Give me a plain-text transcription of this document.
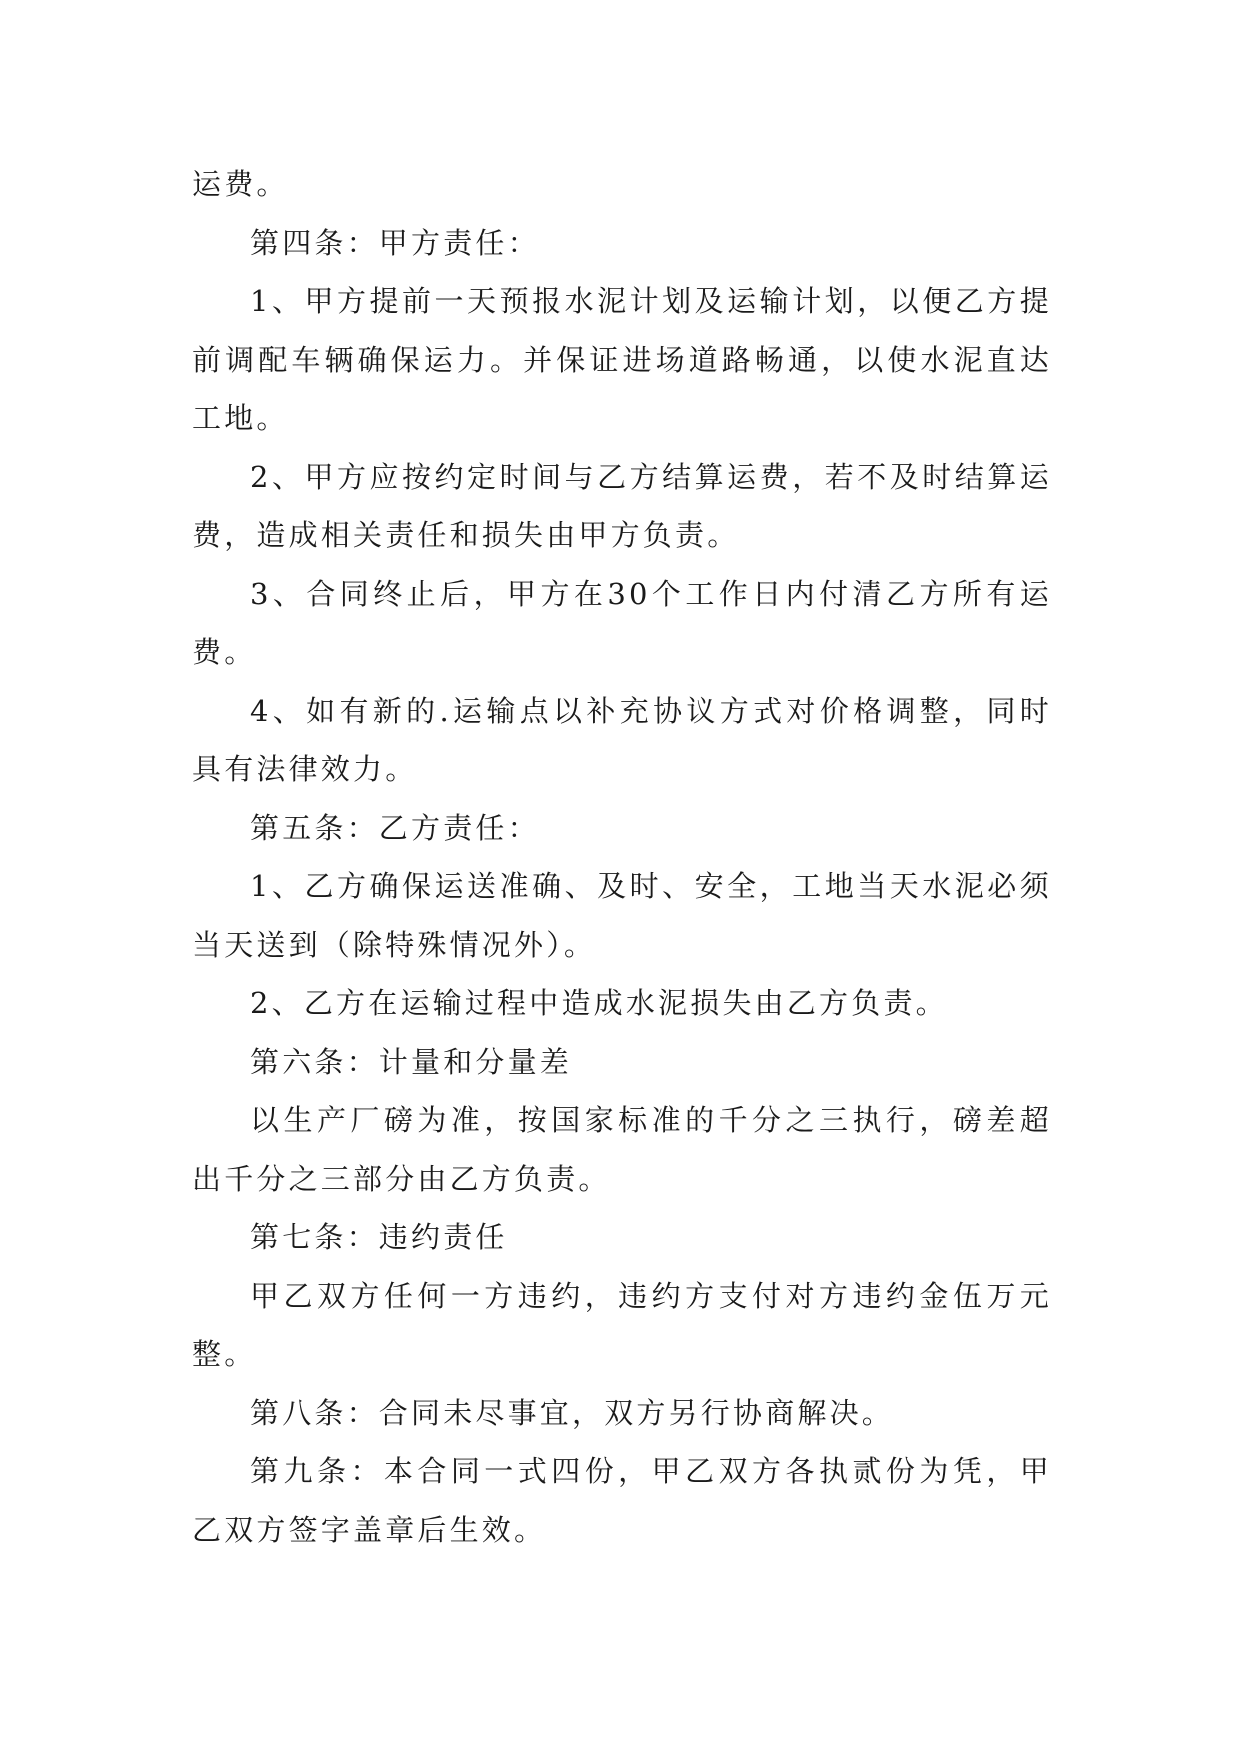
运费。

第四条：甲方责任：

1、甲方提前一天预报水泥计划及运输计划，以便乙方提前调配车辆确保运力。并保证进场道路畅通，以使水泥直达工地。

2、甲方应按约定时间与乙方结算运费，若不及时结算运费，造成相关责任和损失由甲方负责。

3、合同终止后，甲方在30个工作日内付清乙方所有运费。

4、如有新的.运输点以补充协议方式对价格调整，同时具有法律效力。

第五条：乙方责任：

1、乙方确保运送准确、及时、安全，工地当天水泥必须当天送到（除特殊情况外）。

2、乙方在运输过程中造成水泥损失由乙方负责。

第六条：计量和分量差

以生产厂磅为准，按国家标准的千分之三执行，磅差超出千分之三部分由乙方负责。

第七条：违约责任

甲乙双方任何一方违约，违约方支付对方违约金伍万元整。

第八条：合同未尽事宜，双方另行协商解决。

第九条：本合同一式四份，甲乙双方各执贰份为凭，甲乙双方签字盖章后生效。
